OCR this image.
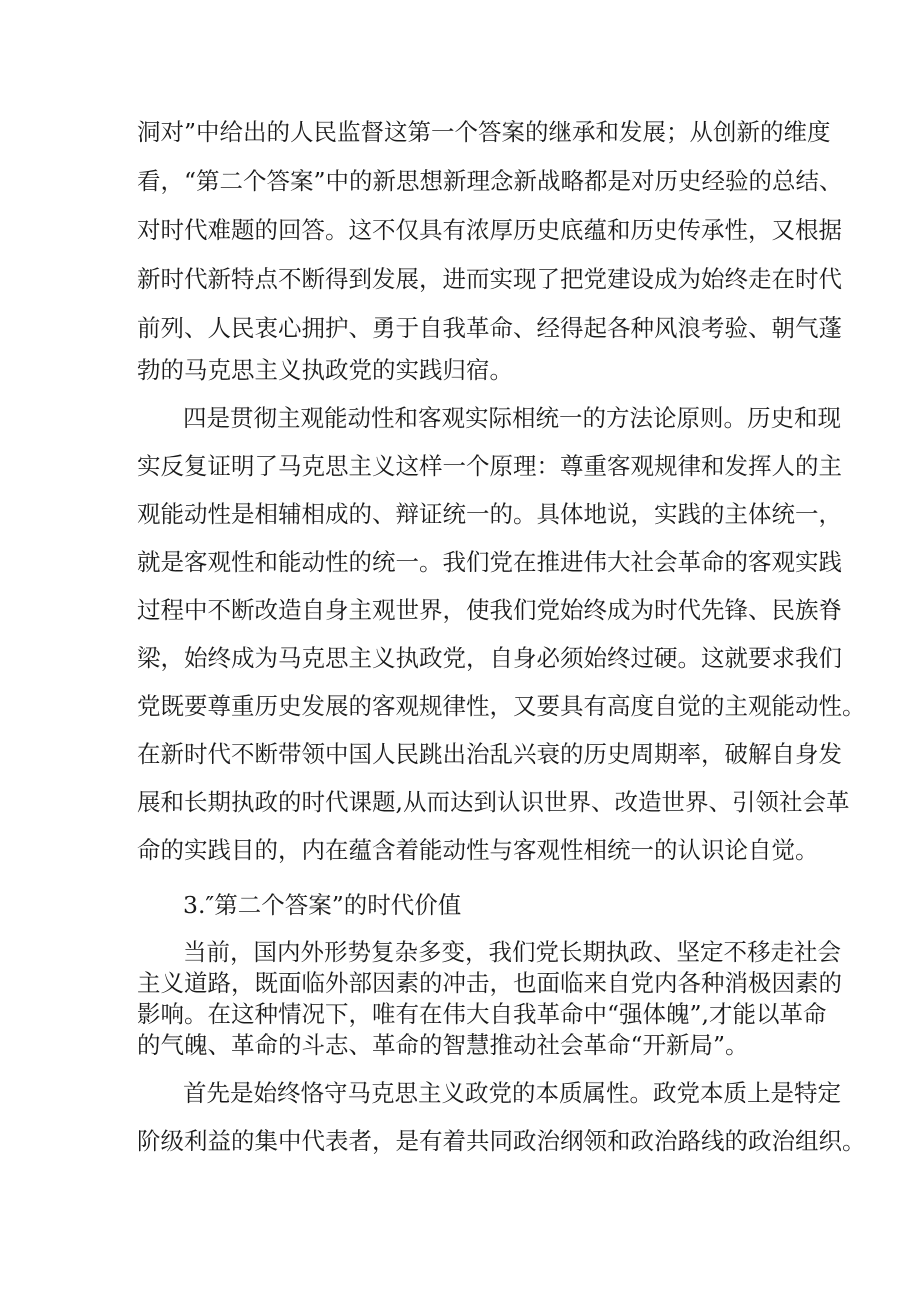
洞对”中给出的人民监督这第一个答案的继承和发展；从创新的维度
看，“第二个答案”中的新思想新理念新战略都是对历史经验的总结、
对时代难题的回答。这不仅具有浓厚历史底蕴和历史传承性，又根据
新时代新特点不断得到发展，进而实现了把党建设成为始终走在时代
前列、人民衷心拥护、勇于自我革命、经得起各种风浪考验、朝气蓬
勃的马克思主义执政党的实践归宿。
四是贯彻主观能动性和客观实际相统一的方法论原则。历史和现
实反复证明了马克思主义这样一个原理：尊重客观规律和发挥人的主
观能动性是相辅相成的、辩证统一的。具体地说，实践的主体统一，
就是客观性和能动性的统一。我们党在推进伟大社会革命的客观实践
过程中不断改造自身主观世界，使我们党始终成为时代先锋、民族脊
梁，始终成为马克思主义执政党，自身必须始终过硬。这就要求我们
党既要尊重历史发展的客观规律性，又要具有高度自觉的主观能动性。
在新时代不断带领中国人民跳出治乱兴衰的历史周期率，破解自身发
展和长期执政的时代课题,从而达到认识世界、改造世界、引领社会革
命的实践目的，内在蕴含着能动性与客观性相统一的认识论自觉。
3.″第二个答案”的时代价值
当前，国内外形势复杂多变，我们党长期执政、坚定不移走社会
主义道路，既面临外部因素的冲击，也面临来自党内各种消极因素的
影响。在这种情况下，唯有在伟大自我革命中“强体魄”,才能以革命
的气魄、革命的斗志、革命的智慧推动社会革命“开新局”。
首先是始终恪守马克思主义政党的本质属性。政党本质上是特定
阶级利益的集中代表者，是有着共同政治纲领和政治路线的政治组织。
